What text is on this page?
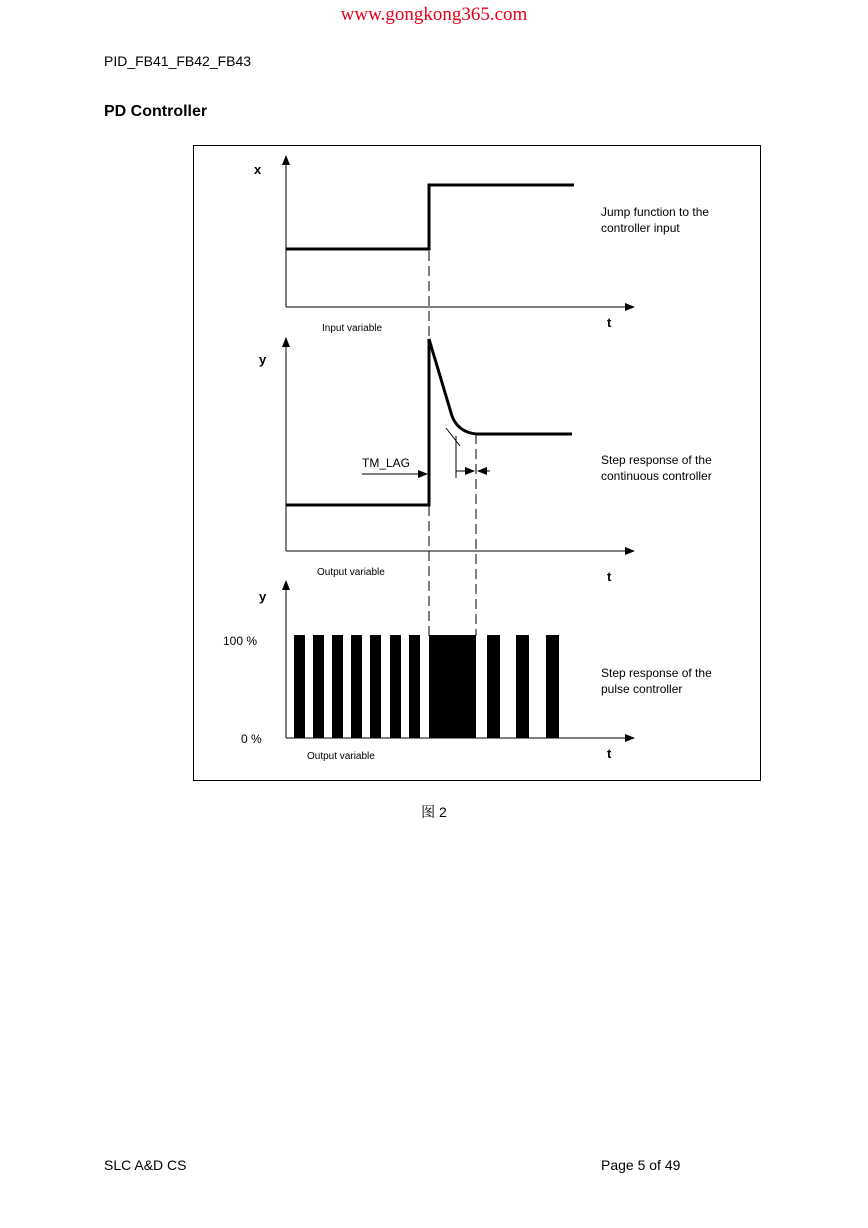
www.gongkong365.com
PID_FB41_FB42_FB43
PD Controller
x
t
Input variable
Jump function to the
controller input
TM_LAG
y
t
Output variable
Step response of the
continuous controller
y
100 %
0 %
t
Output variable
Step response of the
pulse controller
图 2
SLC A&D CS	Page 5 of 49
